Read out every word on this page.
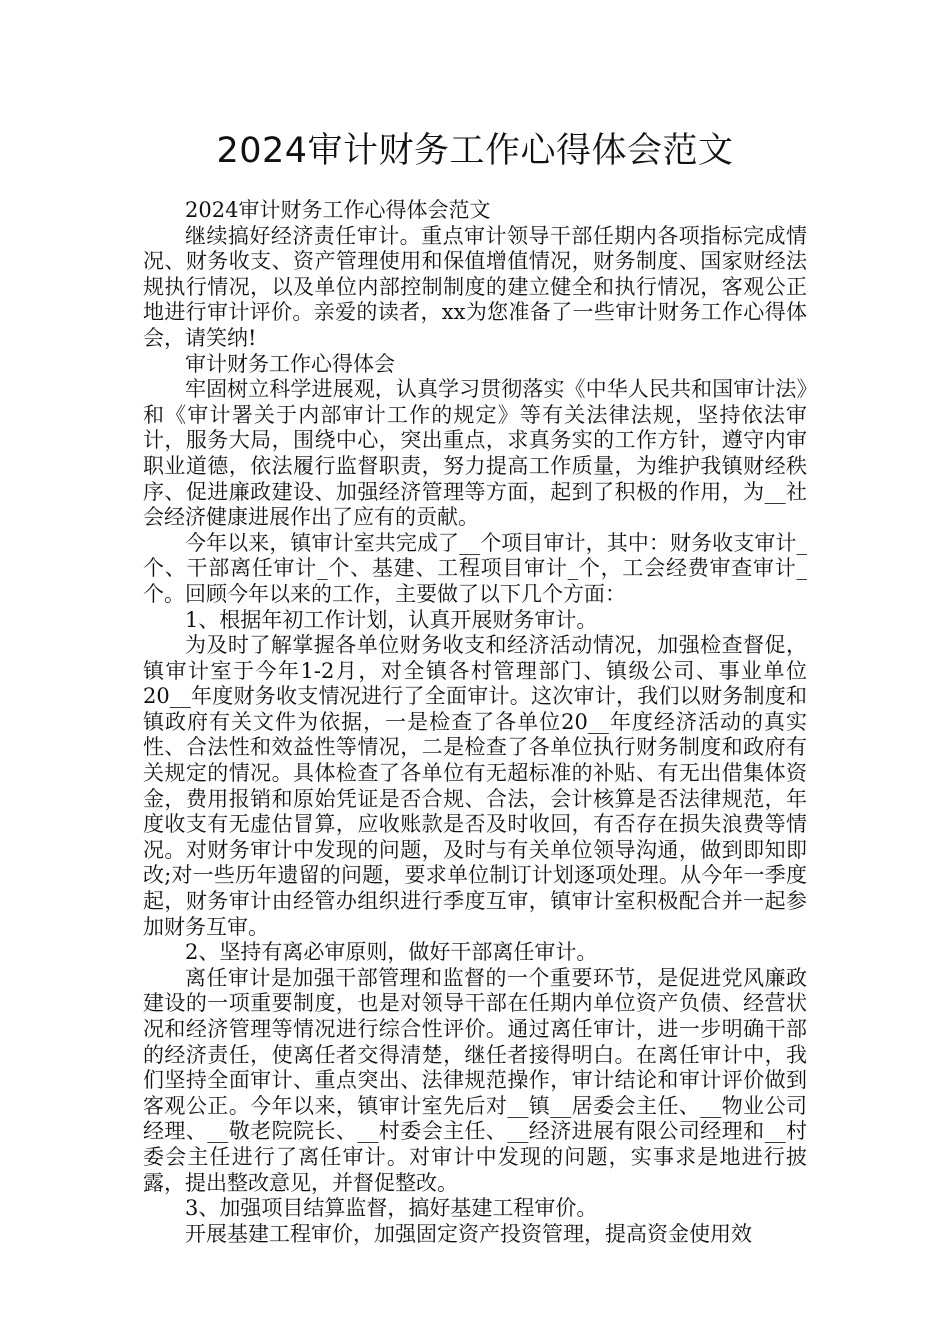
2024审计财务工作心得体会范文

2024审计财务工作心得体会范文

继续搞好经济责任审计。重点审计领导干部任期内各项指标完成情况、财务收支、资产管理使用和保值增值情况，财务制度、国家财经法规执行情况，以及单位内部控制制度的建立健全和执行情况，客观公正地进行审计评价。亲爱的读者，xx为您准备了一些审计财务工作心得体会，请笑纳!

审计财务工作心得体会

牢固树立科学进展观，认真学习贯彻落实《中华人民共和国审计法》和《审计署关于内部审计工作的规定》等有关法律法规，坚持依法审计，服务大局，围绕中心，突出重点，求真务实的工作方针，遵守内审职业道德，依法履行监督职责，努力提高工作质量，为维护我镇财经秩序、促进廉政建设、加强经济管理等方面，起到了积极的作用，为__社会经济健康进展作出了应有的贡献。

今年以来，镇审计室共完成了__个项目审计，其中：财务收支审计_个、干部离任审计_个、基建、工程项目审计_个，工会经费审查审计_个。回顾今年以来的工作，主要做了以下几个方面：

1、根据年初工作计划，认真开展财务审计。

为及时了解掌握各单位财务收支和经济活动情况，加强检查督促，镇审计室于今年1-2月，对全镇各村管理部门、镇级公司、事业单位20__年度财务收支情况进行了全面审计。这次审计，我们以财务制度和镇政府有关文件为依据，一是检查了各单位20__年度经济活动的真实性、合法性和效益性等情况，二是检查了各单位执行财务制度和政府有关规定的情况。具体检查了各单位有无超标准的补贴、有无出借集体资金，费用报销和原始凭证是否合规、合法，会计核算是否法律规范，年度收支有无虚估冒算，应收账款是否及时收回，有否存在损失浪费等情况。对财务审计中发现的问题，及时与有关单位领导沟通，做到即知即改;对一些历年遗留的问题，要求单位制订计划逐项处理。从今年一季度起，财务审计由经管办组织进行季度互审，镇审计室积极配合并一起参加财务互审。

2、坚持有离必审原则，做好干部离任审计。

离任审计是加强干部管理和监督的一个重要环节，是促进党风廉政建设的一项重要制度，也是对领导干部在任期内单位资产负债、经营状况和经济管理等情况进行综合性评价。通过离任审计，进一步明确干部的经济责任，使离任者交得清楚，继任者接得明白。在离任审计中，我们坚持全面审计、重点突出、法律规范操作，审计结论和审计评价做到客观公正。今年以来，镇审计室先后对__镇__居委会主任、__物业公司经理、__敬老院院长、__村委会主任、__经济进展有限公司经理和__村委会主任进行了离任审计。对审计中发现的问题，实事求是地进行披露，提出整改意见，并督促整改。

3、加强项目结算监督，搞好基建工程审价。

开展基建工程审价，加强固定资产投资管理，提高资金使用效
